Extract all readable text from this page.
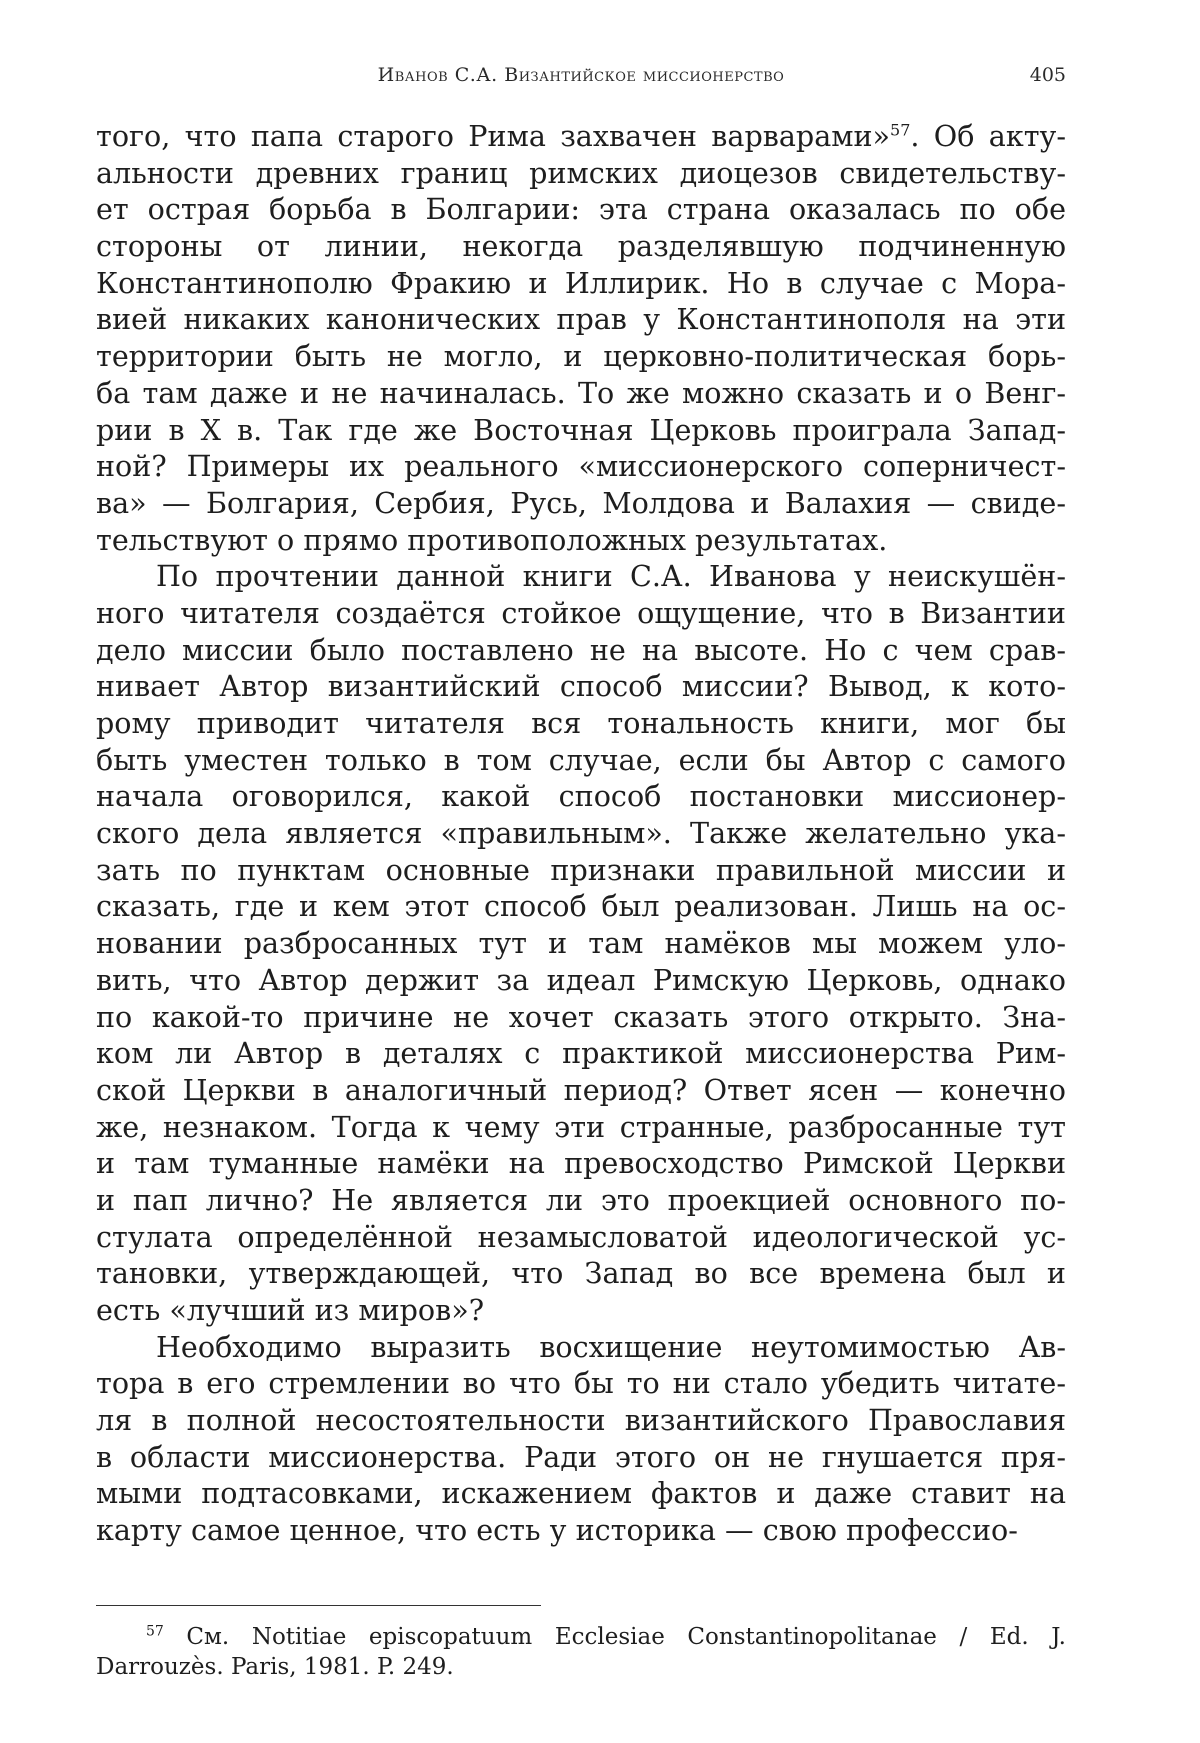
Иванов С.А. Византийское миссионерство	405
того, что папа старого Рима захвачен варварами»$^{57}$. Об акту-
альности древних границ римских диоцезов свидетельству-
ет острая борьба в Болгарии: эта страна оказалась по обе
стороны от линии, некогда разделявшую подчиненную
Константинополю Фракию и Иллирик. Но в случае с Мора-
вией никаких канонических прав у Константинополя на эти
территории быть не могло, и церковно-политическая борь-
ба там даже и не начиналась. То же можно сказать и о Венг-
рии в X в. Так где же Восточная Церковь проиграла Запад-
ной? Примеры их реального «миссионерского соперничест-
ва» — Болгария, Сербия, Русь, Молдова и Валахия — свиде-
тельствуют о прямо противоположных результатах.
По прочтении данной книги С.А. Иванова у неискушён-
ного читателя создаётся стойкое ощущение, что в Византии
дело миссии было поставлено не на высоте. Но с чем срав-
нивает Автор византийский способ миссии? Вывод, к кото-
рому приводит читателя вся тональность книги, мог бы
быть уместен только в том случае, если бы Автор с самого
начала оговорился, какой способ постановки миссионер-
ского дела является «правильным». Также желательно ука-
зать по пунктам основные признаки правильной миссии и
сказать, где и кем этот способ был реализован. Лишь на ос-
новании разбросанных тут и там намёков мы можем уло-
вить, что Автор держит за идеал Римскую Церковь, однако
по какой-то причине не хочет сказать этого открыто. Зна-
ком ли Автор в деталях с практикой миссионерства Рим-
ской Церкви в аналогичный период? Ответ ясен — конечно
же, незнаком. Тогда к чему эти странные, разбросанные тут
и там туманные намёки на превосходство Римской Церкви
и пап лично? Не является ли это проекцией основного по-
стулата определённой незамысловатой идеологической ус-
тановки, утверждающей, что Запад во все времена был и
есть «лучший из миров»?
Необходимо выразить восхищение неутомимостью Ав-
тора в его стремлении во что бы то ни стало убедить читате-
ля в полной несостоятельности византийского Православия
в области миссионерства. Ради этого он не гнушается пря-
мыми подтасовками, искажением фактов и даже ставит на
карту самое ценное, что есть у историка — свою профессио-
$^{57}$ См. Notitiae episcopatuum Ecclesiae Constantinopolitanae / Ed. J.
Darrouzès. Paris, 1981. P. 249.
